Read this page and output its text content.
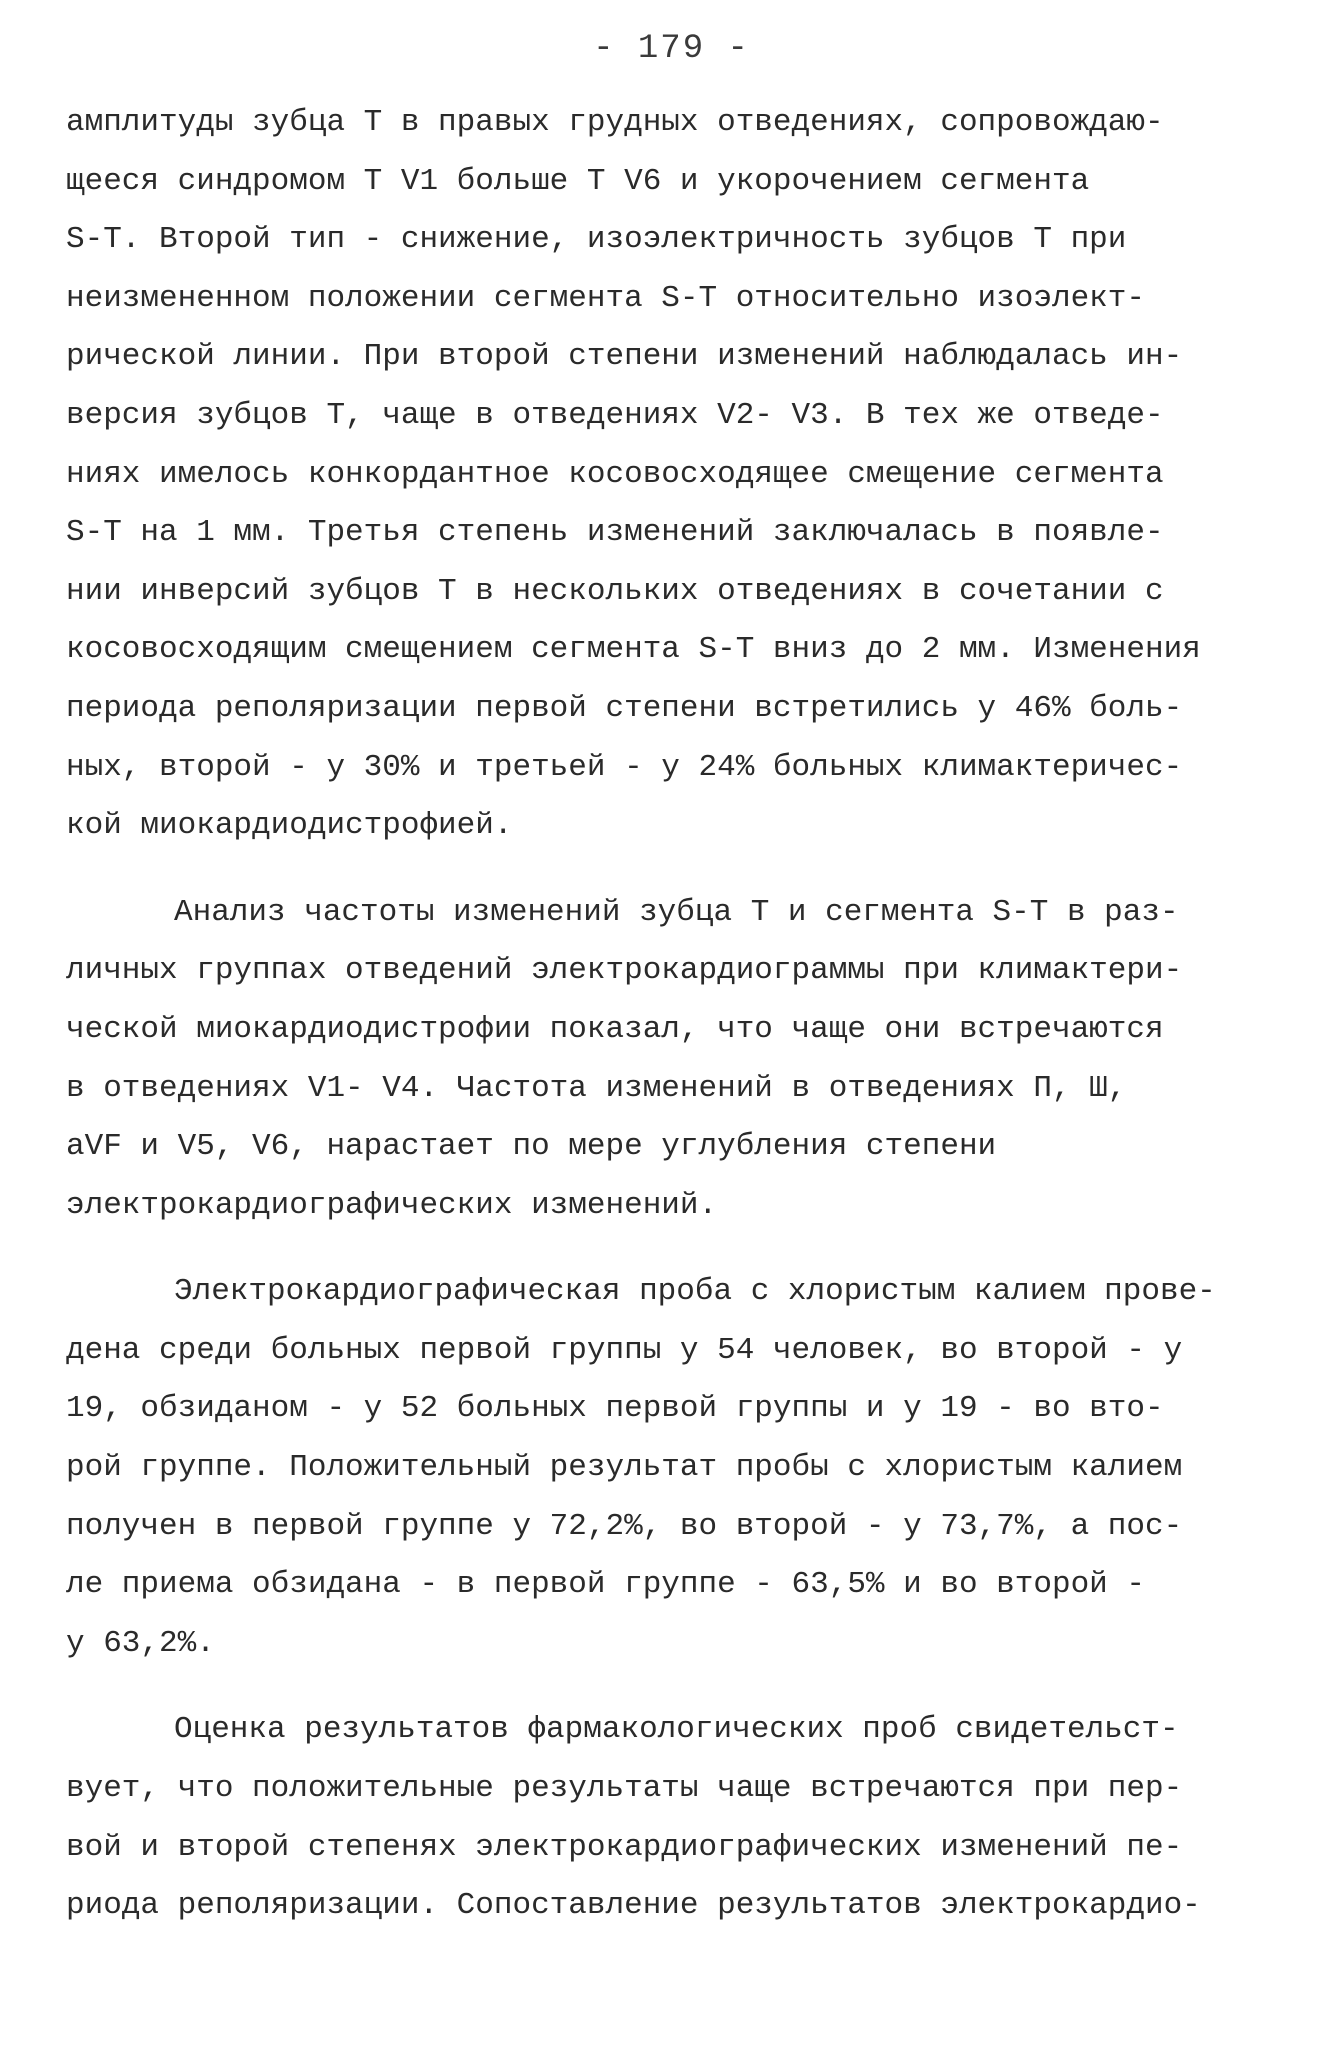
- 179 -
амплитуды зубца Т в правых грудных отведениях, сопровождаю-
щееся синдромом Т V1 больше Т V6 и укорочением сегмента
S-T. Второй тип - снижение, изоэлектричность зубцов Т при
неизмененном положении сегмента S-T относительно изоэлект-
рической линии. При второй степени изменений наблюдалась ин-
версия зубцов Т, чаще в отведениях V2- V3. В тех же отведе-
ниях имелось конкордантное косовосходящее смещение сегмента
S-T на 1 мм. Третья степень изменений заключалась в появле-
нии инверсий зубцов Т в нескольких отведениях в сочетании с
косовосходящим смещением сегмента S-T вниз до 2 мм. Изменения
периода реполяризации первой степени встретились у 46% боль-
ных, второй - у 30% и третьей - у 24% больных климактеричес-
кой миокардиодистрофией.
Анализ частоты изменений зубца Т и сегмента S-T в раз-
личных группах отведений электрокардиограммы при климактери-
ческой миокардиодистрофии показал, что чаще они встречаются
в отведениях V1- V4. Частота изменений в отведениях П, Ш,
aVF и V5, V6, нарастает по мере углубления степени
электрокардиографических изменений.
Электрокардиографическая проба с хлористым калием прове-
дена среди больных первой группы у 54 человек, во второй - у
19, обзиданом - у 52 больных первой группы и у 19 - во вто-
рой группе. Положительный результат пробы с хлористым калием
получен в первой группе у 72,2%, во второй - у 73,7%, а пос-
ле приема обзидана - в первой группе - 63,5% и во второй -
у 63,2%.
Оценка результатов фармакологических проб свидетельст-
вует, что положительные результаты чаще встречаются при пер-
вой и второй степенях электрокардиографических изменений пе-
риода реполяризации. Сопоставление результатов электрокардио-
